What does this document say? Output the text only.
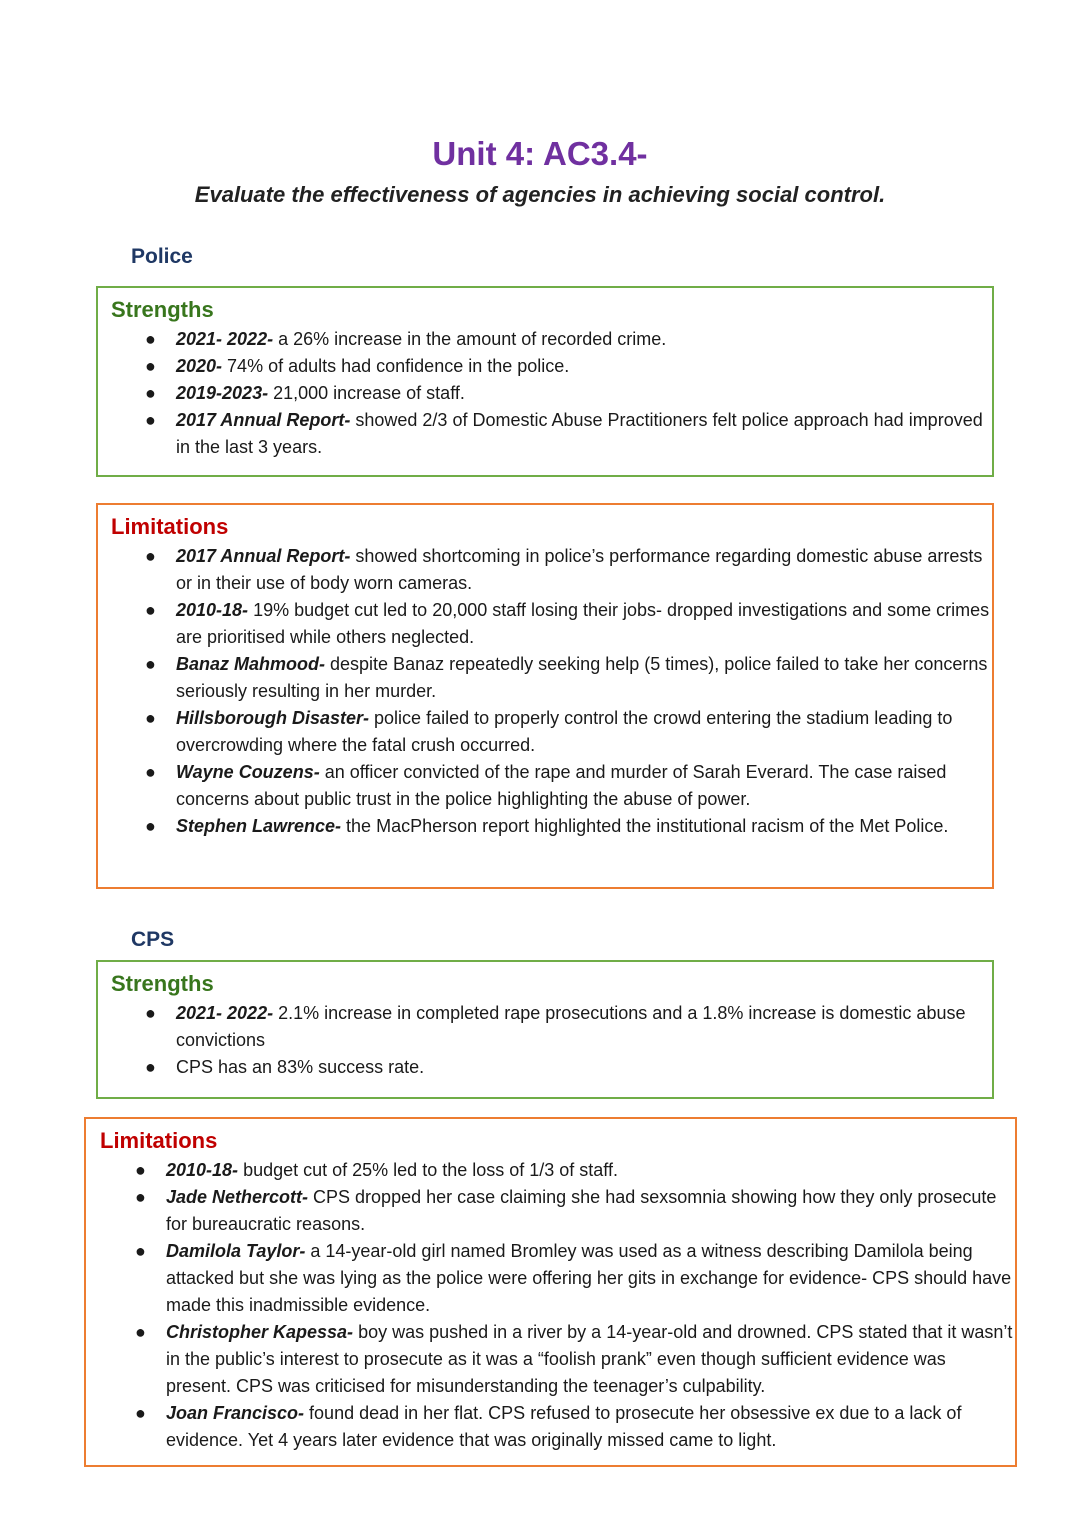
Unit 4: AC3.4-
Evaluate the effectiveness of agencies in achieving social control.
Police
Strengths
● 2021- 2022- a 26% increase in the amount of recorded crime.
● 2020- 74% of adults had confidence in the police.
● 2019-2023- 21,000 increase of staff.
● 2017 Annual Report- showed 2/3 of Domestic Abuse Practitioners felt police approach had improved in the last 3 years.
Limitations
● 2017 Annual Report- showed shortcoming in police’s performance regarding domestic abuse arrests or in their use of body worn cameras.
● 2010-18- 19% budget cut led to 20,000 staff losing their jobs- dropped investigations and some crimes are prioritised while others neglected.
● Banaz Mahmood- despite Banaz repeatedly seeking help (5 times), police failed to take her concerns seriously resulting in her murder.
● Hillsborough Disaster- police failed to properly control the crowd entering the stadium leading to overcrowding where the fatal crush occurred.
● Wayne Couzens- an officer convicted of the rape and murder of Sarah Everard. The case raised concerns about public trust in the police highlighting the abuse of power.
● Stephen Lawrence- the MacPherson report highlighted the institutional racism of the Met Police.
CPS
Strengths
● 2021- 2022- 2.1% increase in completed rape prosecutions and a 1.8% increase is domestic abuse convictions
● CPS has an 83% success rate.
Limitations
● 2010-18- budget cut of 25% led to the loss of 1/3 of staff.
● Jade Nethercott- CPS dropped her case claiming she had sexsomnia showing how they only prosecute for bureaucratic reasons.
● Damilola Taylor- a 14-year-old girl named Bromley was used as a witness describing Damilola being attacked but she was lying as the police were offering her gits in exchange for evidence- CPS should have made this inadmissible evidence.
● Christopher Kapessa- boy was pushed in a river by a 14-year-old and drowned. CPS stated that it wasn’t in the public’s interest to prosecute as it was a “foolish prank” even though sufficient evidence was present. CPS was criticised for misunderstanding the teenager’s culpability.
● Joan Francisco- found dead in her flat. CPS refused to prosecute her obsessive ex due to a lack of evidence. Yet 4 years later evidence that was originally missed came to light.
